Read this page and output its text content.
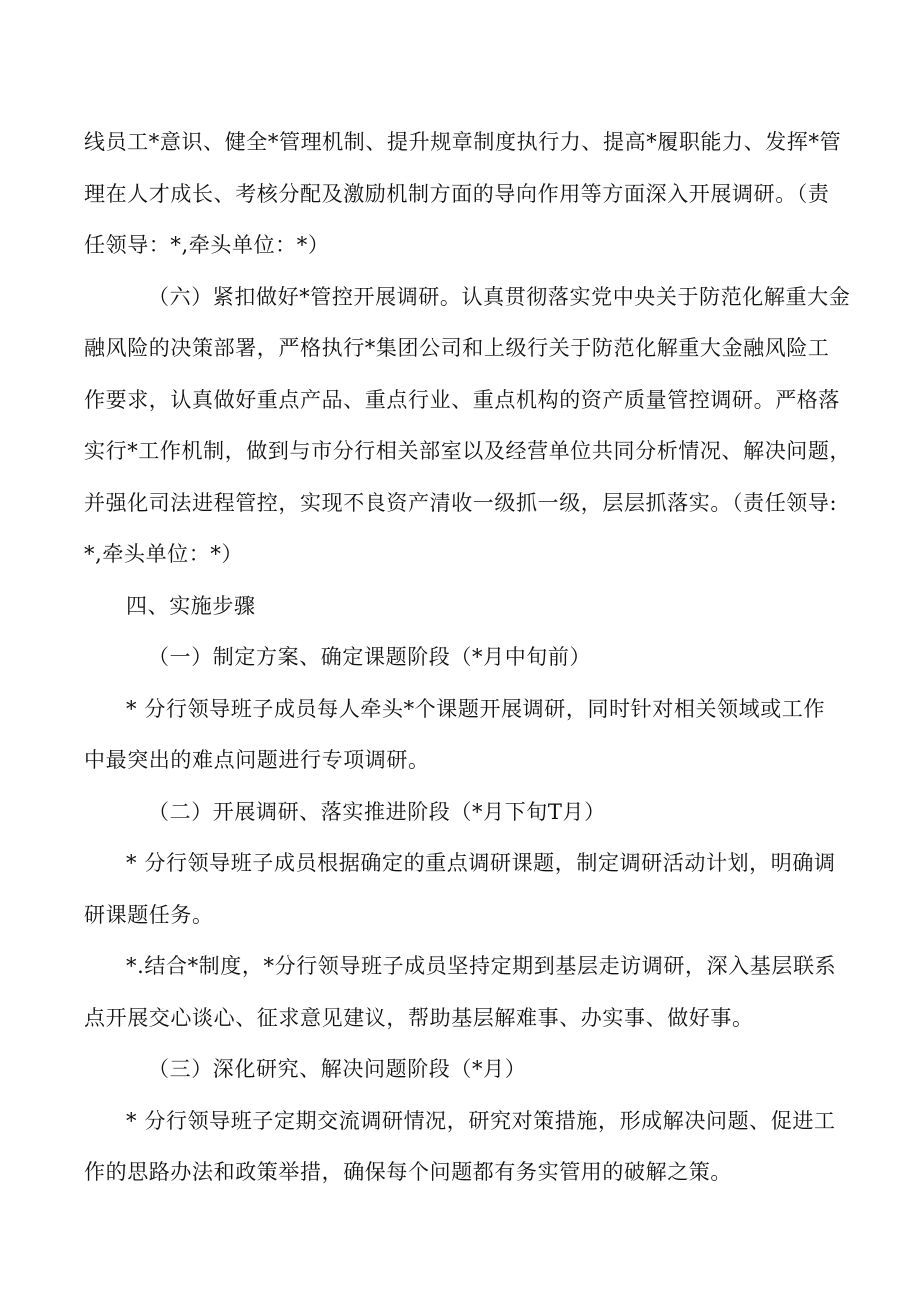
线员工*意识、健全*管理机制、提升规章制度执行力、提高*履职能力、发挥*管
理在人才成长、考核分配及激励机制方面的导向作用等方面深入开展调研。（责
任领导：*,牵头单位：*）
（六）紧扣做好*管控开展调研。认真贯彻落实党中央关于防范化解重大金
融风险的决策部署，严格执行*集团公司和上级行关于防范化解重大金融风险工
作要求，认真做好重点产品、重点行业、重点机构的资产质量管控调研。严格落
实行*工作机制，做到与市分行相关部室以及经营单位共同分析情况、解决问题，
并强化司法进程管控，实现不良资产清收一级抓一级，层层抓落实。（责任领导:
*,牵头单位：*）
四、实施步骤
（一）制定方案、确定课题阶段（*月中旬前）
* 分行领导班子成员每人牵头*个课题开展调研，同时针对相关领域或工作
中最突出的难点问题进行专项调研。
（二）开展调研、落实推进阶段（*月下旬T月）
* 分行领导班子成员根据确定的重点调研课题，制定调研活动计划，明确调
研课题任务。
*.结合*制度，*分行领导班子成员坚持定期到基层走访调研，深入基层联系
点开展交心谈心、征求意见建议，帮助基层解难事、办实事、做好事。
（三）深化研究、解决问题阶段（*月）
* 分行领导班子定期交流调研情况，研究对策措施，形成解决问题、促进工
作的思路办法和政策举措，确保每个问题都有务实管用的破解之策。
